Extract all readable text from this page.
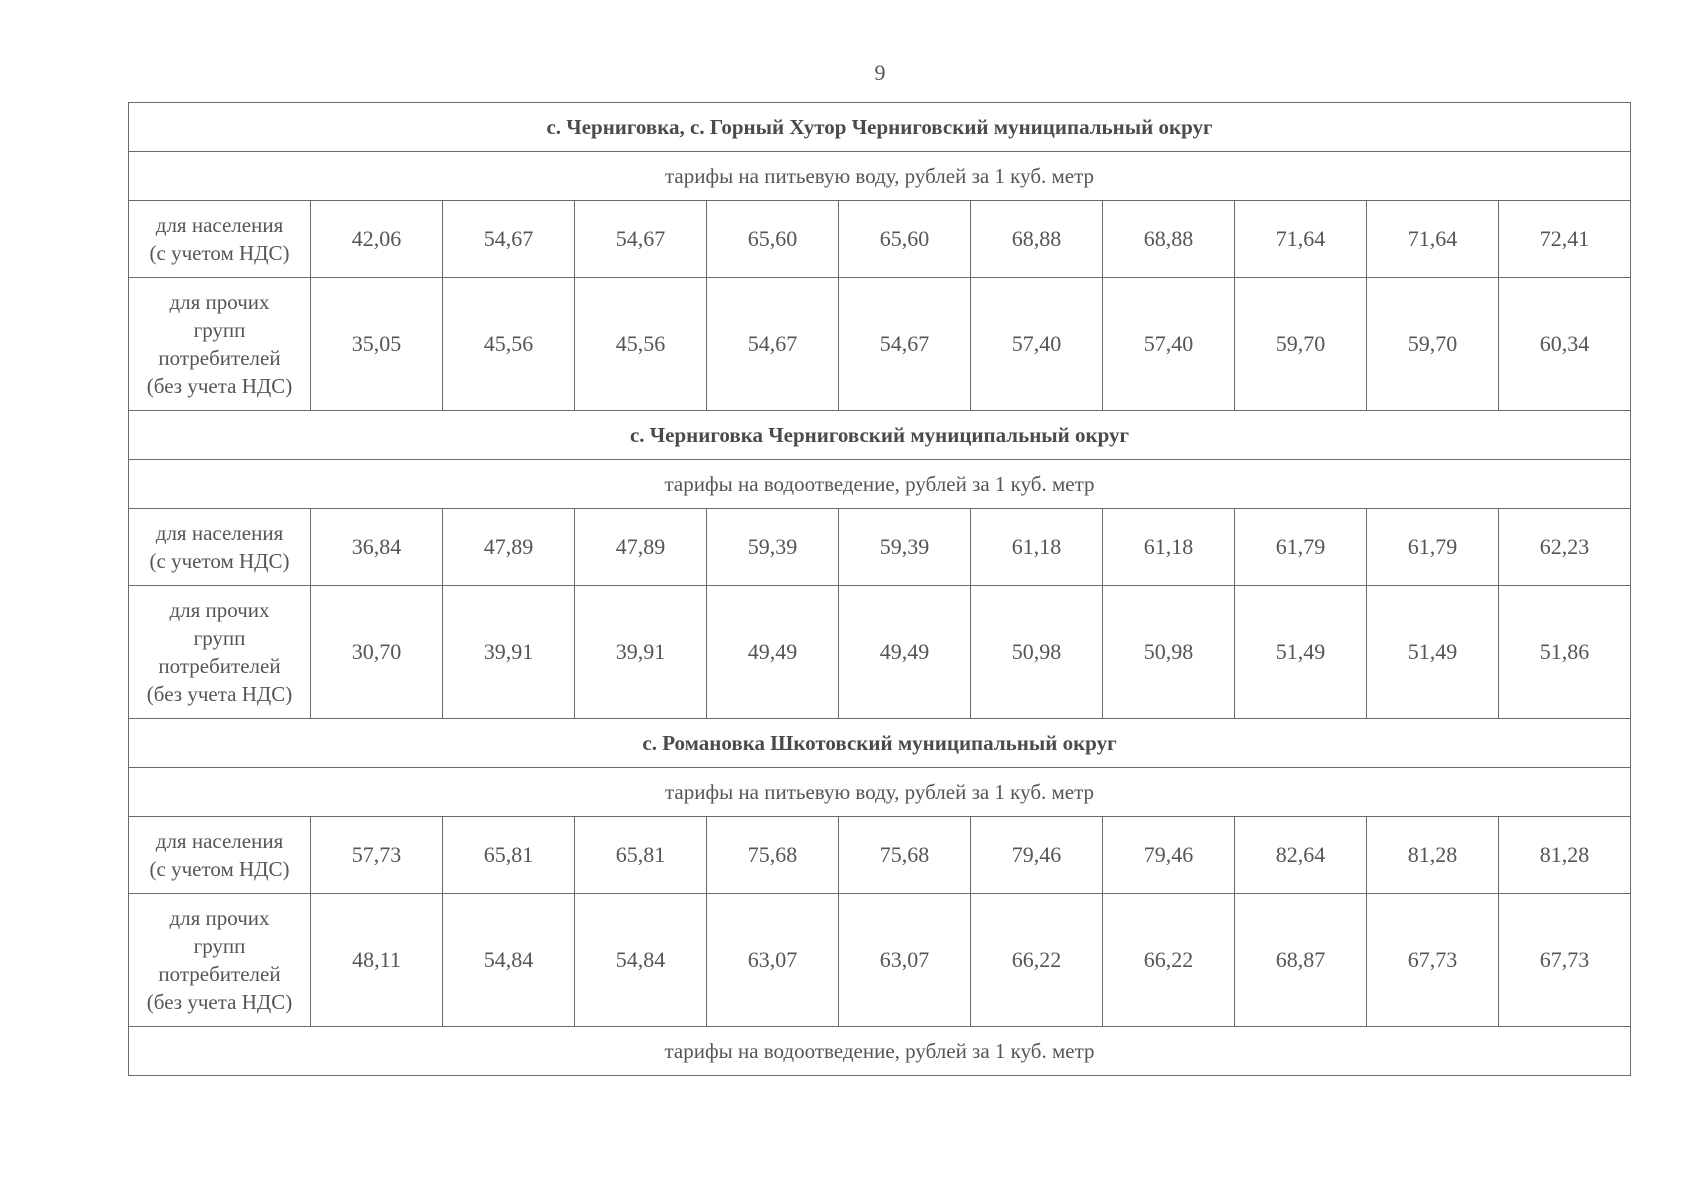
9
с. Черниговка, с. Горный Хутор Черниговский муниципальный округ										
тарифы на питьевую воду, рублей за 1 куб. метр										

для населения
(с учетом НДС)	42,06	54,67	54,67	65,60	65,60	68,88	68,88	71,64	71,64	72,41

для прочих
групп
потребителей
(без учета НДС)	35,05	45,56	45,56	54,67	54,67	57,40	57,40	59,70	59,70	60,34
с. Черниговка Черниговский муниципальный округ										
тарифы на водоотведение, рублей за 1 куб. метр										

для населения
(с учетом НДС)	36,84	47,89	47,89	59,39	59,39	61,18	61,18	61,79	61,79	62,23

для прочих
групп
потребителей
(без учета НДС)	30,70	39,91	39,91	49,49	49,49	50,98	50,98	51,49	51,49	51,86
с. Романовка Шкотовский муниципальный округ										
тарифы на питьевую воду, рублей за 1 куб. метр										

для населения
(с учетом НДС)	57,73	65,81	65,81	75,68	75,68	79,46	79,46	82,64	81,28	81,28

для прочих
групп
потребителей
(без учета НДС)	48,11	54,84	54,84	63,07	63,07	66,22	66,22	68,87	67,73	67,73
тарифы на водоотведение, рублей за 1 куб. метр										
